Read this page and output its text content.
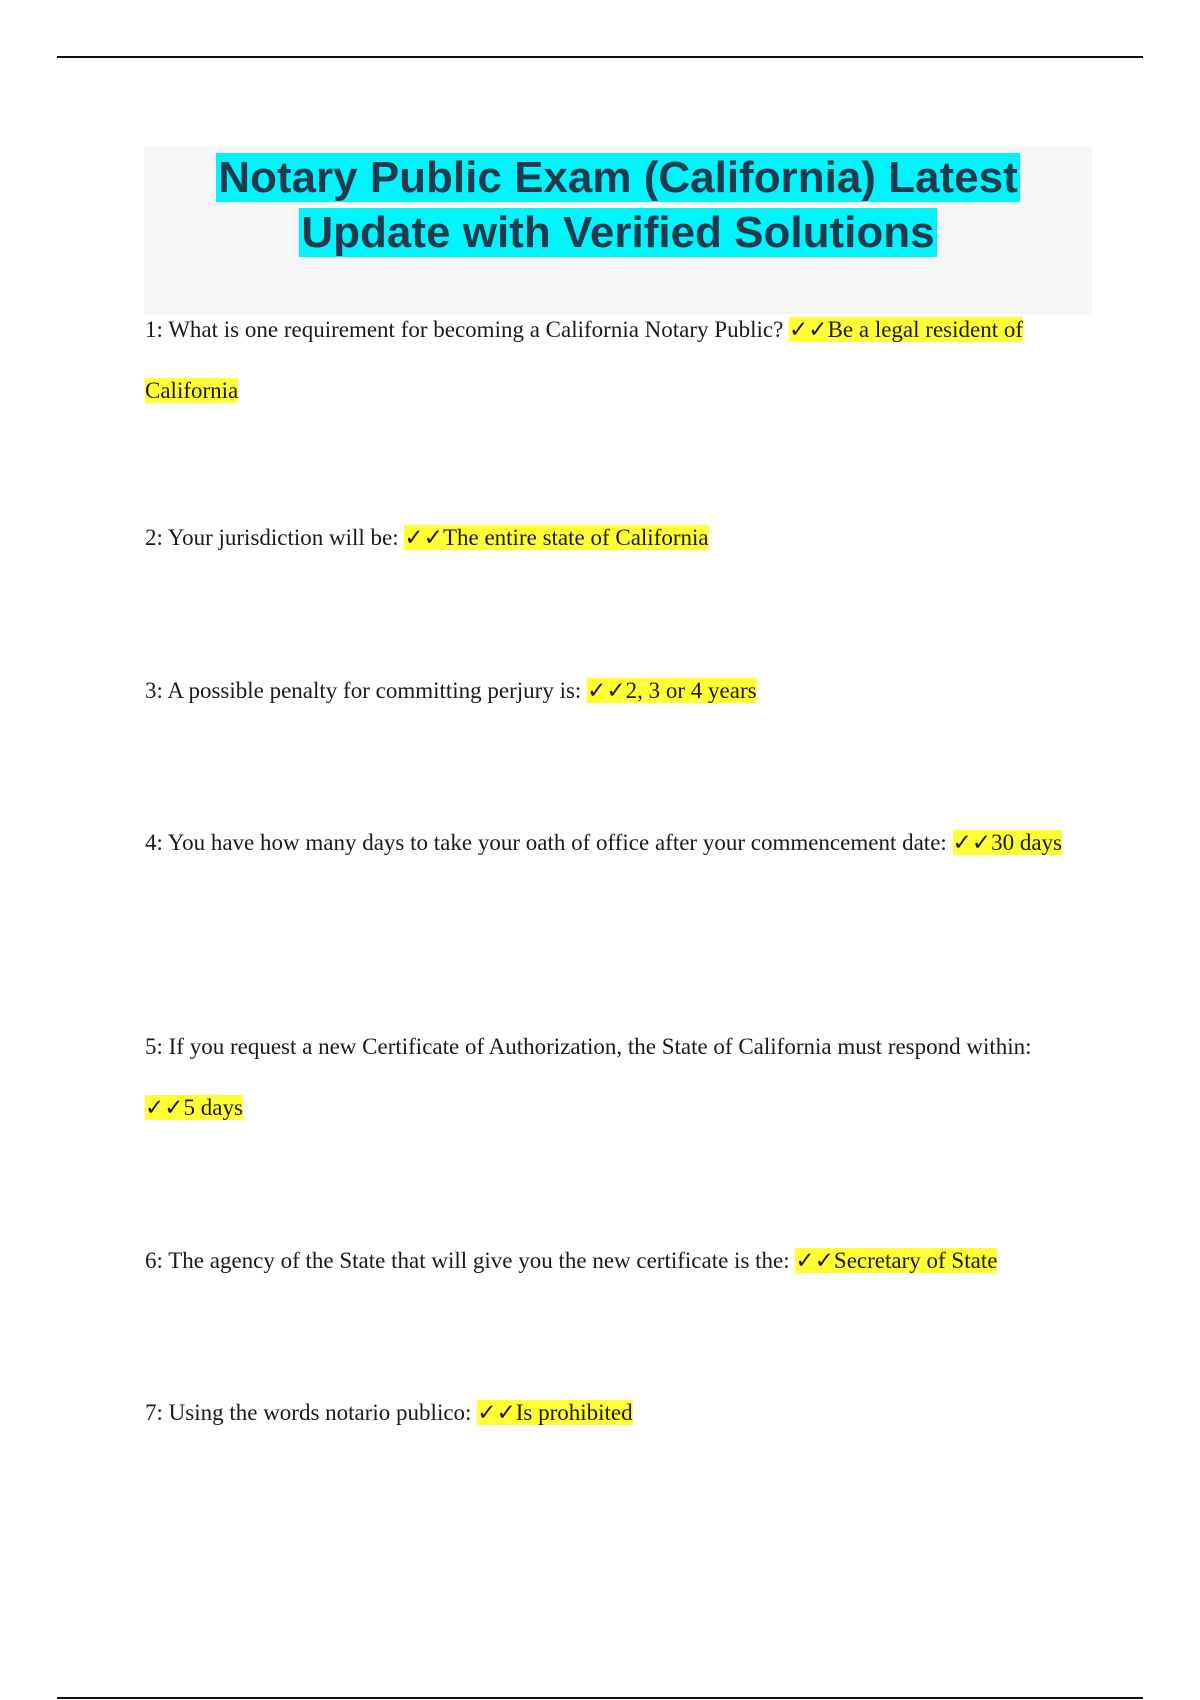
Notary Public Exam (California) Latest
Update with Verified Solutions

1: What is one requirement for becoming a California Notary Public? ✓✓Be a legal resident of California

2: Your jurisdiction will be: ✓✓The entire state of California

3: A possible penalty for committing perjury is: ✓✓2, 3 or 4 years

4: You have how many days to take your oath of office after your commencement date: ✓✓30 days

5: If you request a new Certificate of Authorization, the State of California must respond within: ✓✓5 days

6: The agency of the State that will give you the new certificate is the: ✓✓Secretary of State

7: Using the words notario publico: ✓✓Is prohibited
